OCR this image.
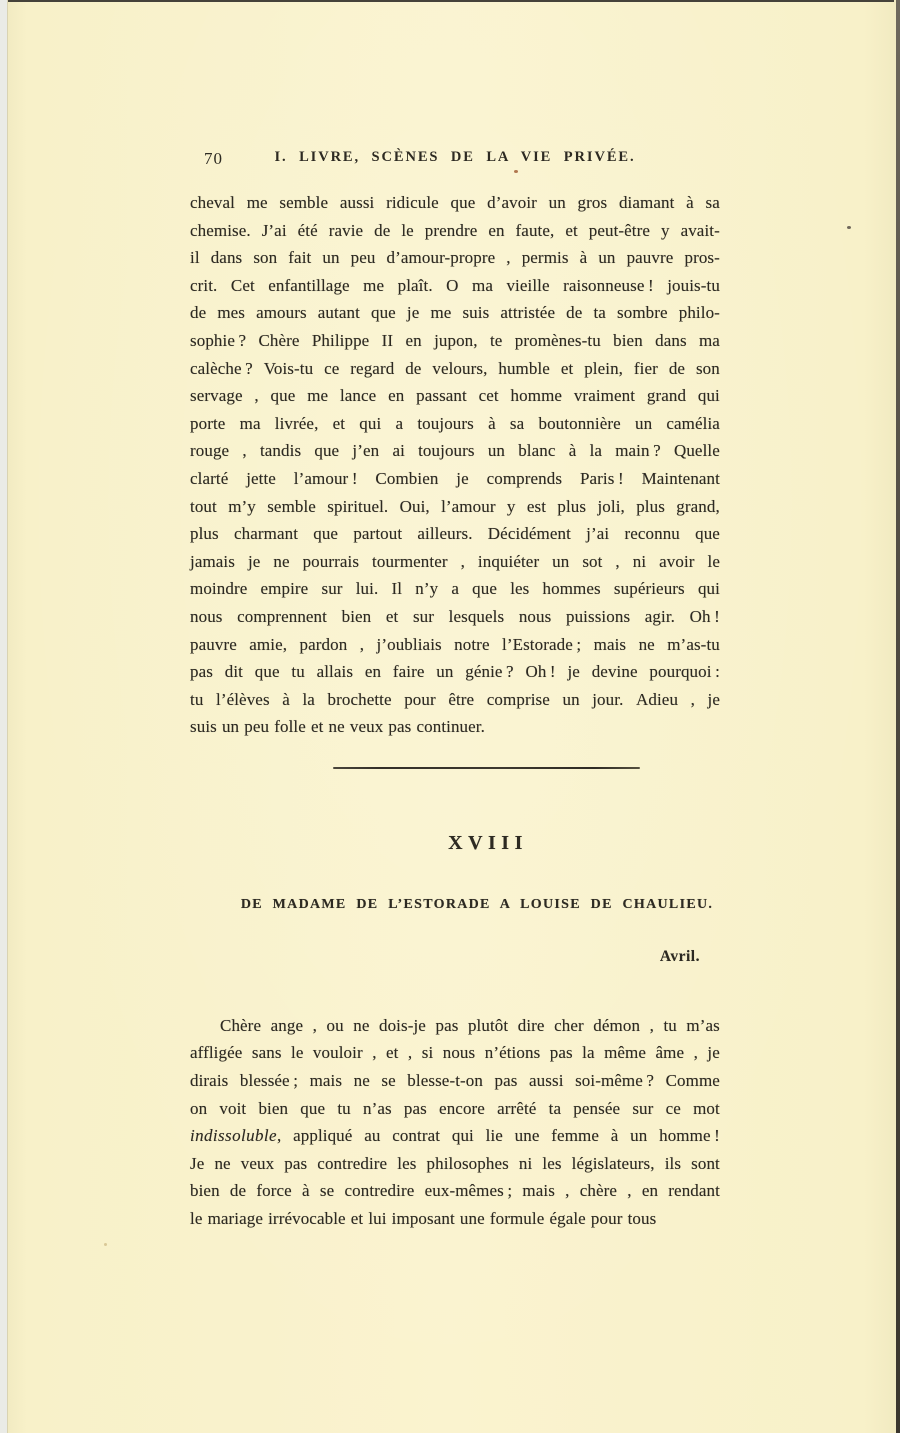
70	I. LIVRE, SCÈNES DE LA VIE PRIVÉE.
cheval me semble aussi ridicule que d’avoir un gros diamant à sa
chemise. J’ai été ravie de le prendre en faute, et peut-être y avait-
il dans son fait un peu d’amour-propre , permis à un pauvre pros-
crit. Cet enfantillage me plaît. O ma vieille raisonneuse ! jouis-tu
de mes amours autant que je me suis attristée de ta sombre philo-
sophie ? Chère Philippe II en jupon, te promènes-tu bien dans ma
calèche ? Vois-tu ce regard de velours, humble et plein, fier de son
servage , que me lance en passant cet homme vraiment grand qui
porte ma livrée, et qui a toujours à sa boutonnière un camélia
rouge , tandis que j’en ai toujours un blanc à la main ? Quelle
clarté jette l’amour ! Combien je comprends Paris ! Maintenant
tout m’y semble spirituel. Oui, l’amour y est plus joli, plus grand,
plus charmant que partout ailleurs. Décidément j’ai reconnu que
jamais je ne pourrais tourmenter , inquiéter un sot , ni avoir le
moindre empire sur lui. Il n’y a que les hommes supérieurs qui
nous comprennent bien et sur lesquels nous puissions agir. Oh !
pauvre amie, pardon , j’oubliais notre l’Estorade ; mais ne m’as-tu
pas dit que tu allais en faire un génie ? Oh ! je devine pourquoi :
tu l’élèves à la brochette pour être comprise un jour. Adieu , je
suis un peu folle et ne veux pas continuer.
XVIII
DE MADAME DE L’ESTORADE A LOUISE DE CHAULIEU.
Avril.
Chère ange , ou ne dois-je pas plutôt dire cher démon , tu m’as
affligée sans le vouloir , et , si nous n’étions pas la même âme , je
dirais blessée ; mais ne se blesse-t-on pas aussi soi-même ? Comme
on voit bien que tu n’as pas encore arrêté ta pensée sur ce mot
indissoluble, appliqué au contrat qui lie une femme à un homme !
Je ne veux pas contredire les philosophes ni les législateurs, ils sont
bien de force à se contredire eux-mêmes ; mais , chère , en rendant
le mariage irrévocable et lui imposant une formule égale pour tous
